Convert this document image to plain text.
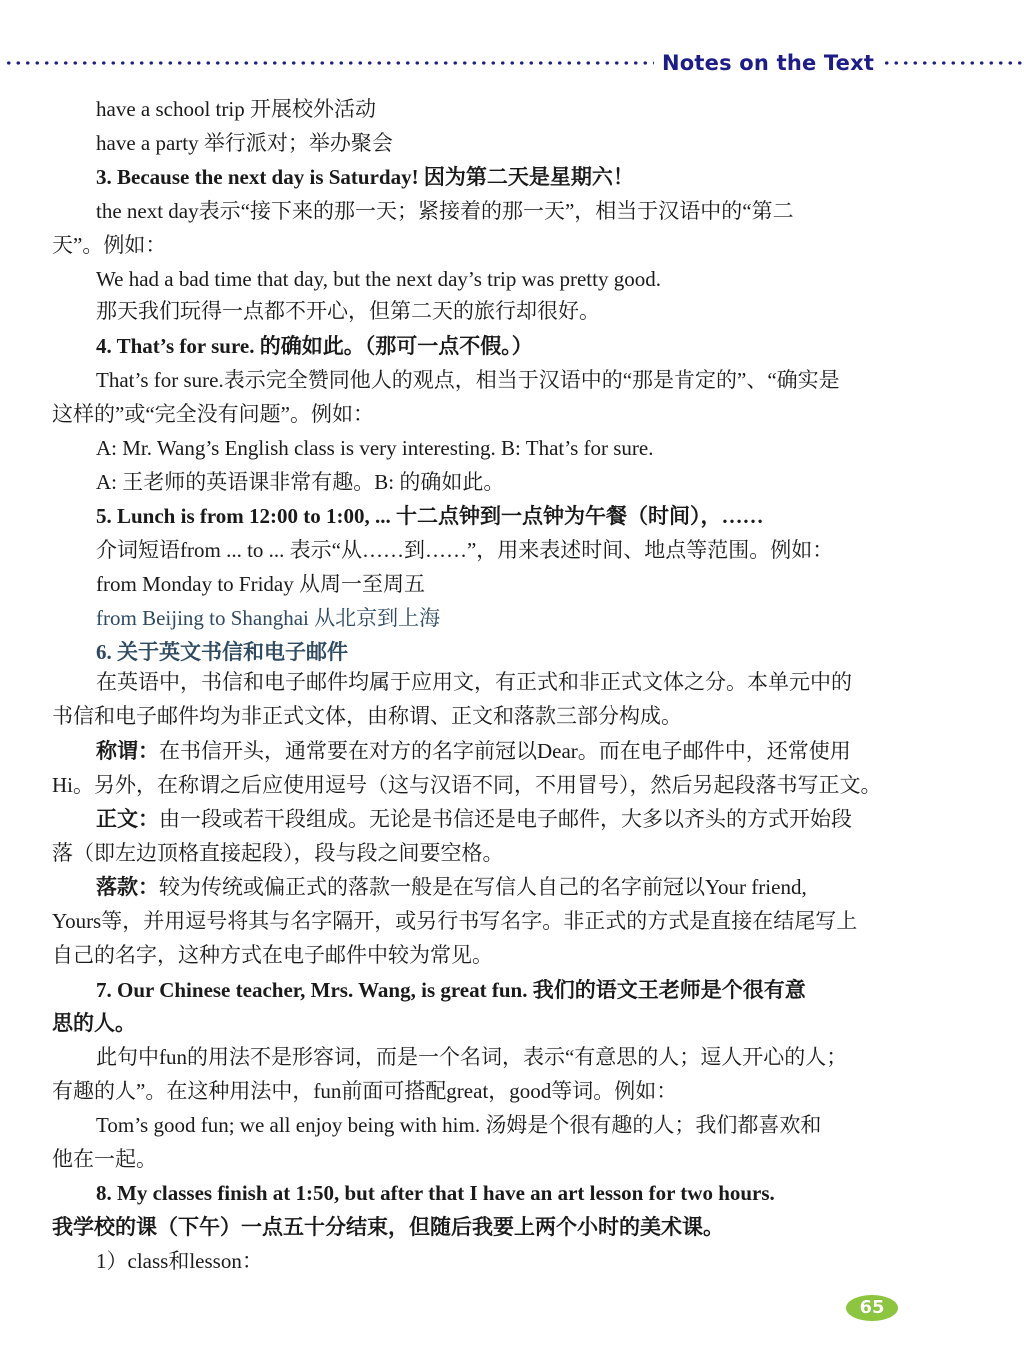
Notes on the Text
have a school trip 开展校外活动
have a party 举行派对；举办聚会
3. Because the next day is Saturday! 因为第二天是星期六！
the next day表示“接下来的那一天；紧接着的那一天”，相当于汉语中的“第二
天”。例如：
We had a bad time that day, but the next day’s trip was pretty good.
那天我们玩得一点都不开心，但第二天的旅行却很好。
4. That’s for sure. 的确如此。（那可一点不假。）
That’s for sure.表示完全赞同他人的观点，相当于汉语中的“那是肯定的”、“确实是
这样的”或“完全没有问题”。例如：
A: Mr. Wang’s English class is very interesting. B: That’s for sure.
A: 王老师的英语课非常有趣。B: 的确如此。
5. Lunch is from 12:00 to 1:00, ... 十二点钟到一点钟为午餐（时间），……
介词短语from ... to ... 表示“从……到……”，用来表述时间、地点等范围。例如：
from Monday to Friday 从周一至周五
from Beijing to Shanghai 从北京到上海
6. 关于英文书信和电子邮件
在英语中，书信和电子邮件均属于应用文，有正式和非正式文体之分。本单元中的
书信和电子邮件均为非正式文体，由称谓、正文和落款三部分构成。
称谓：在书信开头，通常要在对方的名字前冠以Dear。而在电子邮件中，还常使用
Hi。另外，在称谓之后应使用逗号（这与汉语不同，不用冒号），然后另起段落书写正文。
正文：由一段或若干段组成。无论是书信还是电子邮件，大多以齐头的方式开始段
落（即左边顶格直接起段），段与段之间要空格。
落款：较为传统或偏正式的落款一般是在写信人自己的名字前冠以Your friend,
Yours等，并用逗号将其与名字隔开，或另行书写名字。非正式的方式是直接在结尾写上
自己的名字，这种方式在电子邮件中较为常见。
7. Our Chinese teacher, Mrs. Wang, is great fun. 我们的语文王老师是个很有意
思的人。
此句中fun的用法不是形容词，而是一个名词，表示“有意思的人；逗人开心的人；
有趣的人”。在这种用法中，fun前面可搭配great，good等词。例如：
Tom’s good fun; we all enjoy being with him. 汤姆是个很有趣的人；我们都喜欢和
他在一起。
8. My classes finish at 1:50, but after that I have an art lesson for two hours.
我学校的课（下午）一点五十分结束，但随后我要上两个小时的美术课。
1）class和lesson：
65
